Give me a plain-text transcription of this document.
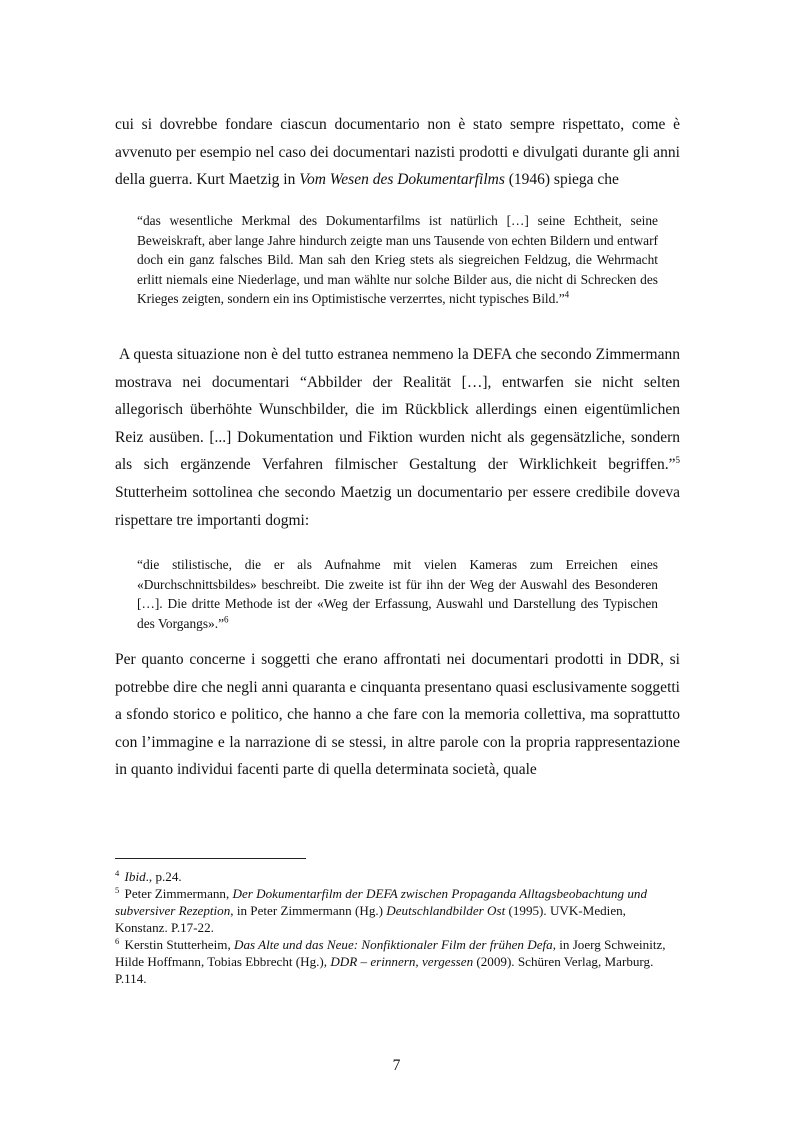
cui si dovrebbe fondare ciascun documentario non è stato sempre rispettato, come è avvenuto per esempio nel caso dei documentari nazisti prodotti e divulgati durante gli anni della guerra. Kurt Maetzig in Vom Wesen des Dokumentarfilms (1946) spiega che

“das wesentliche Merkmal des Dokumentarfilms ist natürlich […] seine Echtheit, seine Beweiskraft, aber lange Jahre hindurch zeigte man uns Tausende von echten Bildern und entwarf doch ein ganz falsches Bild. Man sah den Krieg stets als siegreichen Feldzug, die Wehrmacht erlitt niemals eine Niederlage, und man wählte nur solche Bilder aus, die nicht di Schrecken des Krieges zeigten, sondern ein ins Optimistische verzerrtes, nicht typisches Bild.”$^4$

A questa situazione non è del tutto estranea nemmeno la DEFA che secondo Zimmermann mostrava nei documentari “Abbilder der Realität […], entwarfen sie nicht selten allegorisch überhöhte Wunschbilder, die im Rückblick allerdings einen eigentümlichen Reiz ausüben. [...] Dokumentation und Fiktion wurden nicht als gegensätzliche, sondern als sich ergänzende Verfahren filmischer Gestaltung der Wirklichkeit begriffen.”$^5$ Stutterheim sottolinea che secondo Maetzig un documentario per essere credibile doveva rispettare tre importanti dogmi:

“die stilistische, die er als Aufnahme mit vielen Kameras zum Erreichen eines «Durchschnittsbildes» beschreibt. Die zweite ist für ihn der Weg der Auswahl des Besonderen […]. Die dritte Methode ist der «Weg der Erfassung, Auswahl und Darstellung des Typischen des Vorgangs».”$^6$

Per quanto concerne i soggetti che erano affrontati nei documentari prodotti in DDR, si potrebbe dire che negli anni quaranta e cinquanta presentano quasi esclusivamente soggetti a sfondo storico e politico, che hanno a che fare con la memoria collettiva, ma soprattutto con l’immagine e la narrazione di se stessi, in altre parole con la propria rappresentazione in quanto individui facenti parte di quella determinata società, quale

$^4$ Ibid., p.24.

$^5$ Peter Zimmermann, Der Dokumentarfilm der DEFA zwischen Propaganda Alltagsbeobachtung und subversiver Rezeption, in Peter Zimmermann (Hg.) Deutschlandbilder Ost (1995). UVK-Medien, Konstanz. P.17-22.

$^6$ Kerstin Stutterheim, Das Alte und das Neue: Nonfiktionaler Film der frühen Defa, in Joerg Schweinitz, Hilde Hoffmann, Tobias Ebbrecht (Hg.), DDR – erinnern, vergessen (2009). Schüren Verlag, Marburg. P.114.

7
